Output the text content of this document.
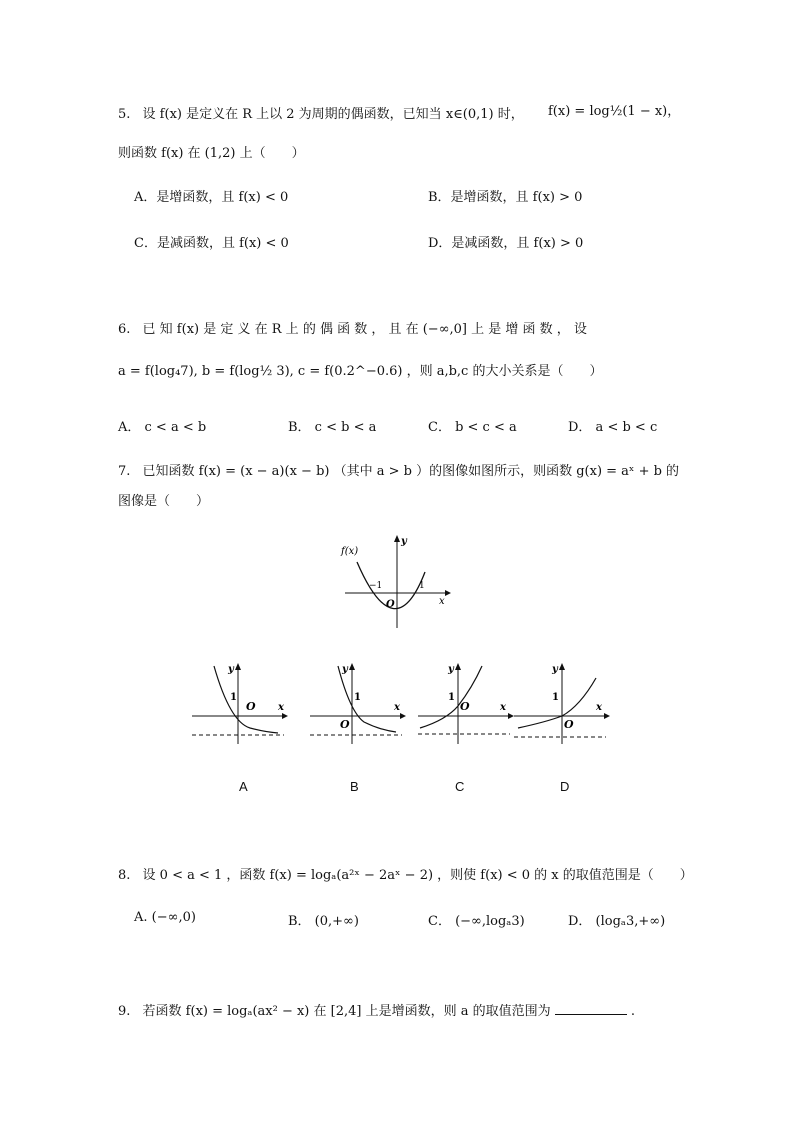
5. 设 f(x) 是定义在 R 上以 2 为周期的偶函数，已知当 x∈(0,1) 时， f(x) = log½(1 − x)，
则函数 f(x) 在 (1,2) 上（　　）
A．是增函数，且 f(x) < 0	B．是增函数，且 f(x) > 0
C．是减函数，且 f(x) < 0	D．是减函数，且 f(x) > 0
6. 已 知 f(x) 是 定 义 在 R 上 的 偶 函 数 ， 且 在 (−∞,0] 上 是 增 函 数 ， 设
a = f(log₄7), b = f(log½ 3), c = f(0.2^−0.6) ，则 a,b,c 的大小关系是（　　）
A． c < a < b	B． c < b < a	C． b < c < a	D． a < b < c
7. 已知函数 f(x) = (x − a)(x − b) （其中 a > b ）的图像如图所示，则函数 g(x) = aˣ + b 的
图像是（　　）
f(x)
y
x
O
−1	1
y
1
O x
y
1
O
x
y
1
O	x
y
1
O
x
A	B	C	D
8. 设 0 < a < 1 ，函数 f(x) = logₐ(a²ˣ − 2aˣ − 2) ，则使 f(x) < 0 的 x 的取值范围是（　　）
A. (−∞,0)	B． (0,+∞)	C． (−∞,logₐ3)	D． (logₐ3,+∞)
9. 若函数 f(x) = logₐ(ax² − x) 在 [2,4] 上是增函数，则 a 的取值范围为	.
